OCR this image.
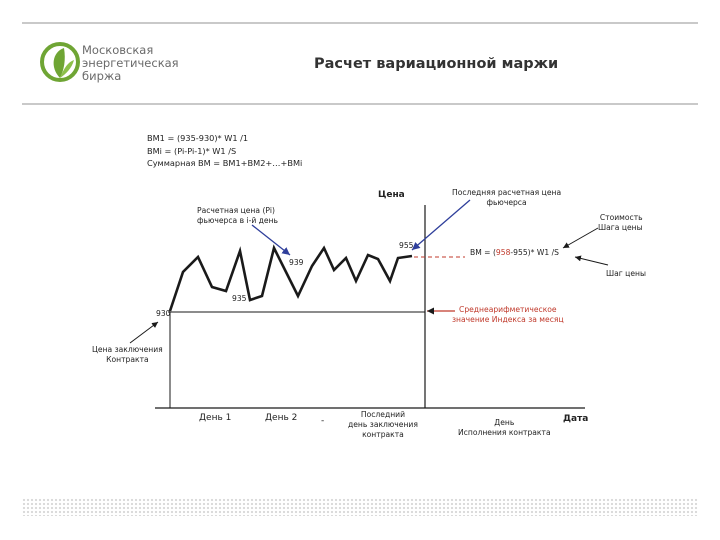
Московская
энергетическая
биржа
Расчет вариационной маржи
ВМ1 = (935-930)* W1 /1
ВМi = (Pi-Pi-1)* W1 /S
Суммарная ВМ = ВМ1+ВМ2+…+ВМi
Цена
Дата
Последняя расчетная цена
фьючерса
Расчетная цена (Pi)
фьючерса в i-й день	Стоимость
Шага цены
ВМ = (958-955)* W1 /S
Шаг цены
Среднеарифметическое
значение Индекса за месяц
Цена заключения
Контракта
День 1	День 2	-
Последний
день заключения
контракта
День
Исполнения контракта
930
935
939
955
